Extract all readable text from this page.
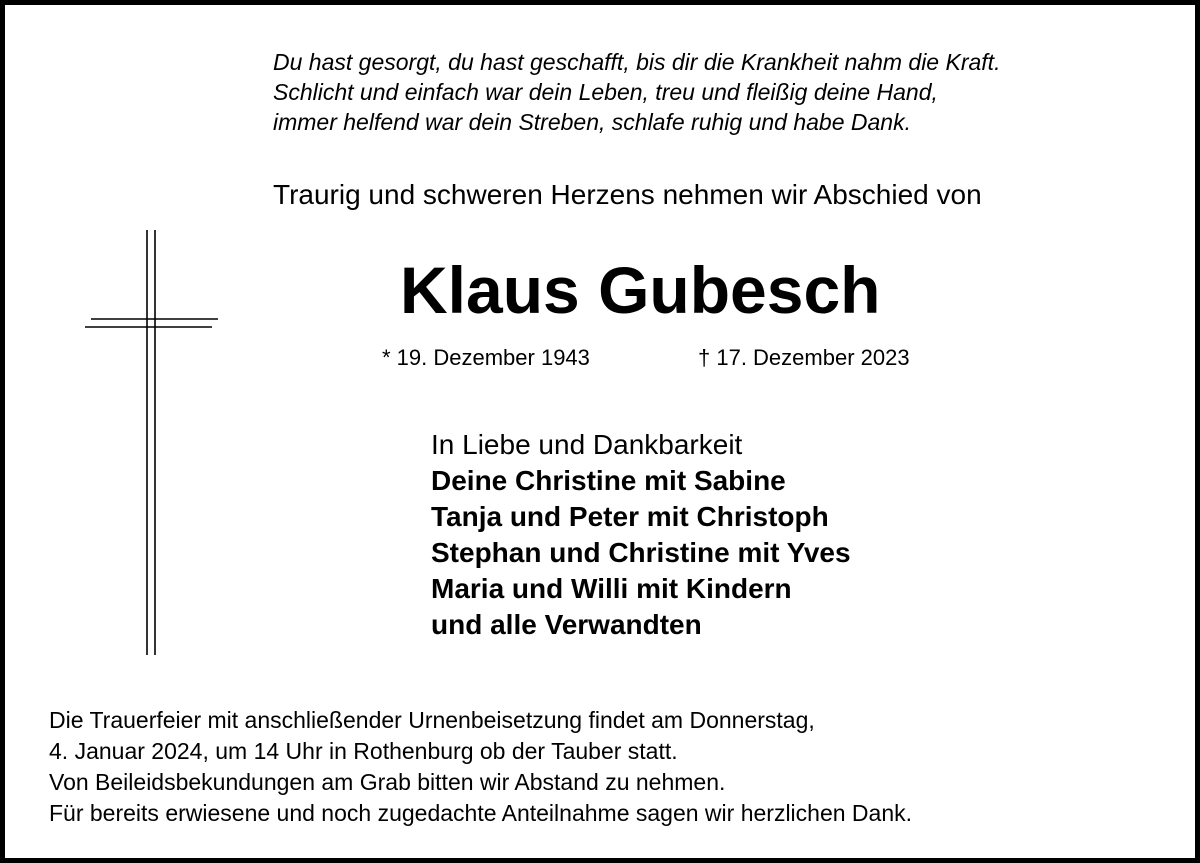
Du hast gesorgt, du hast geschafft, bis dir die Krankheit nahm die Kraft.
Schlicht und einfach war dein Leben, treu und fleißig deine Hand,
immer helfend war dein Streben, schlafe ruhig und habe Dank.
Traurig und schweren Herzens nehmen wir Abschied von
Klaus Gubesch
* 19. Dezember 1943	† 17. Dezember 2023
In Liebe und Dankbarkeit
Deine Christine mit Sabine
Tanja und Peter mit Christoph
Stephan und Christine mit Yves
Maria und Willi mit Kindern
und alle Verwandten
Die Trauerfeier mit anschließender Urnenbeisetzung findet am Donnerstag,
4. Januar 2024, um 14 Uhr in Rothenburg ob der Tauber statt.
Von Beileidsbekundungen am Grab bitten wir Abstand zu nehmen.
Für bereits erwiesene und noch zugedachte Anteilnahme sagen wir herzlichen Dank.
